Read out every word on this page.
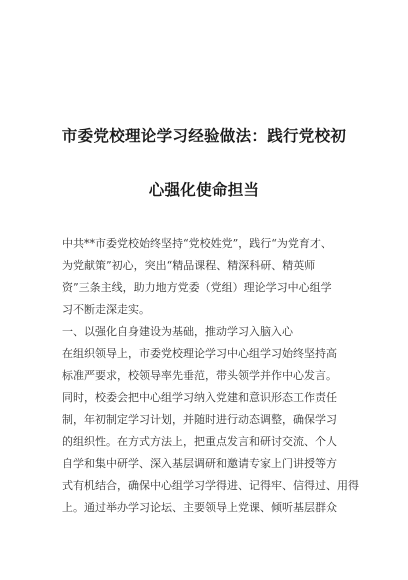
市委党校理论学习经验做法：践行党校初
心强化使命担当
中共**市委党校始终坚持“党校姓党”，践行“为党育才、
为党献策”初心，突出“精品课程、精深科研、精英师
资”三条主线，助力地方党委（党组）理论学习中心组学
习不断走深走实。
一、以强化自身建设为基础，推动学习入脑入心
在组织领导上，市委党校理论学习中心组学习始终坚持高
标准严要求，校领导率先垂范，带头领学并作中心发言。
同时，校委会把中心组学习纳入党建和意识形态工作责任
制，年初制定学习计划，并随时进行动态调整，确保学习
的组织性。在方式方法上，把重点发言和研讨交流、个人
自学和集中研学、深入基层调研和邀请专家上门讲授等方
式有机结合，确保中心组学习学得进、记得牢、信得过、用得
上。通过举办学习论坛、主要领导上党课、倾听基层群众
